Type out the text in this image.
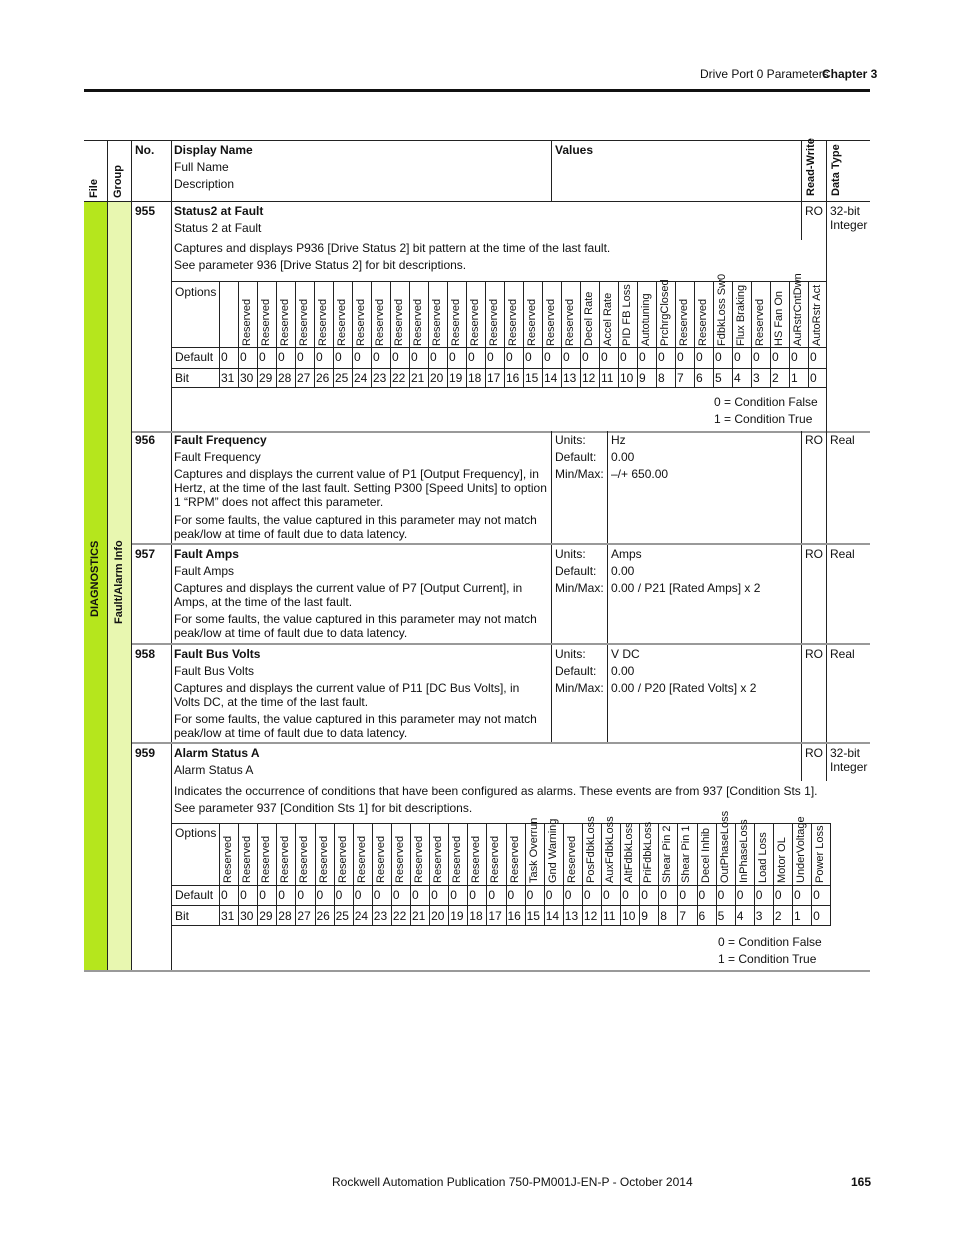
Drive Port 0 Parameters
Chapter 3
File Group
No. Display Name
Full Name
Description
Values	Read-Write Data Type
DIAGNOSTICS Fault/Alarm Info
955 Status2 at Fault
Status 2 at Fault
Captures and displays P936 [Drive Status 2] bit pattern at the time of the last fault.
See parameter 936 [Drive Status 2] for bit descriptions.
RO 32-bit Integer
Options
Default
Bit
0
31
Reserved
0
30
Reserved
0
29
Reserved
0
28
Reserved
0
27
Reserved
0
26
Reserved
0
25
Reserved
0
24
Reserved
0
23
Reserved
0
22
Reserved
0
21
Reserved
0
20
Reserved
0
19
Reserved
0
18
Reserved
0
17
Reserved
0
16
Reserved
0
15
Reserved
0
14
Reserved
0
13
Decel Rate
0
12
Accel Rate
0
11
PID FB Loss
0
10
Autotuning
0
9
PrchrgClosed
0
8
Reserved
0
7
Reserved
0
6
FdbkLoss Sw0
0
5
Flux Braking
0
4
Reserved
0
3
HS Fan On
0
2
AuRstrCntDwn
0
1
AutoRstr Act
0
0
0 = Condition False
1 = Condition True
956 Fault Frequency
Fault Frequency
Captures and displays the current value of P1 [Output Frequency], in Hertz, at the time of the last fault. Setting P300 [Speed Units] to option 1 “RPM” does not affect this parameter.
For some faults, the value captured in this parameter may not match peak/low at time of fault due to data latency.
Units:
Default:
Min/Max:
Hz
0.00
–/+ 650.00
RO Real
957 Fault Amps
Fault Amps
Captures and displays the current value of P7 [Output Current], in Amps, at the time of the last fault.
For some faults, the value captured in this parameter may not match peak/low at time of fault due to data latency.
Units:
Default:
Min/Max:
Amps
0.00
0.00 / P21 [Rated Amps] x 2
RO Real
958 Fault Bus Volts
Fault Bus Volts
Captures and displays the current value of P11 [DC Bus Volts], in Volts DC, at the time of the last fault.
For some faults, the value captured in this parameter may not match peak/low at time of fault due to data latency.
Units:
Default:
Min/Max:
V DC
0.00
0.00 / P20 [Rated Volts] x 2
RO Real
959 Alarm Status A
Alarm Status A
Indicates the occurrence of conditions that have been configured as alarms. These events are from 937 [Condition Sts 1].
See parameter 937 [Condition Sts 1] for bit descriptions.
RO 32-bit Integer
Options
Default
Bit
Reserved
0
31
Reserved
0
30
Reserved
0
29
Reserved
0
28
Reserved
0
27
Reserved
0
26
Reserved
0
25
Reserved
0
24
Reserved
0
23
Reserved
0
22
Reserved
0
21
Reserved
0
20
Reserved
0
19
Reserved
0
18
Reserved
0
17
Reserved
0
16
Task Overrun
0
15
Gnd Warning
0
14
Reserved
0
13
PosFdbkLoss
0
12
AuxFdbkLoss
0
11
AltFdbkLoss
0
10
PriFdbkLoss
0
9
Shear Pin 2
0
8
Shear Pin 1
0
7
Decel Inhib
0
6
OutPhaseLoss
0
5
InPhaseLoss
0
4
Load Loss
0
3
Motor OL
0
2
UnderVoltage
0
1
Power Loss
0
0
0 = Condition False
1 = Condition True
Rockwell Automation Publication 750-PM001J-EN-P - October 2014	165
